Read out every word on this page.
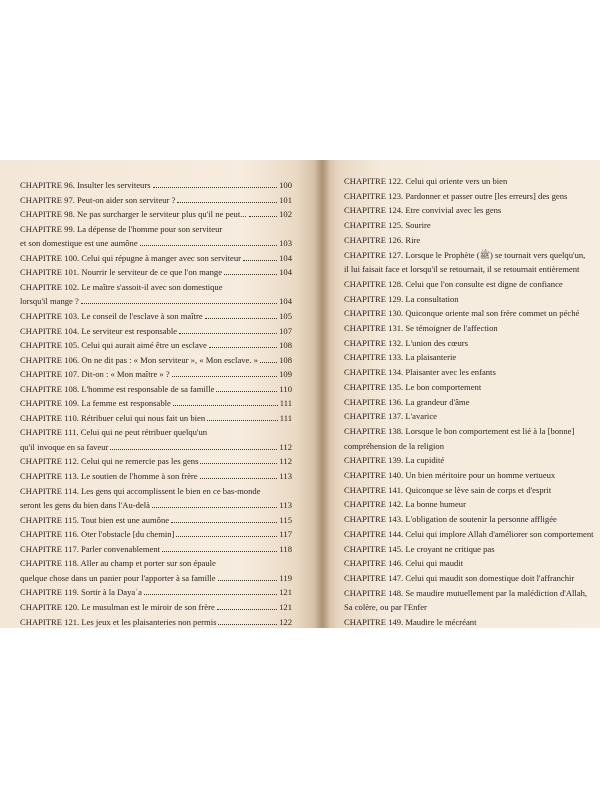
CHAPITRE 96. Insulter les serviteurs	100
CHAPITRE 97. Peut-on aider son serviteur ?	101
CHAPITRE 98. Ne pas surcharger le serviteur plus qu'il ne peut...	102
CHAPITRE 99. La dépense de l'homme pour son serviteur
et son domestique est une aumône	103
CHAPITRE 100. Celui qui répugne à manger avec son serviteur	104
CHAPITRE 101. Nourrir le serviteur de ce que l'on mange	104
CHAPITRE 102. Le maître s'assoit-il avec son domestique
lorsqu'il mange ?	104
CHAPITRE 103. Le conseil de l'esclave à son maître	105
CHAPITRE 104. Le serviteur est responsable	107
CHAPITRE 105. Celui qui aurait aimé être un esclave	108
CHAPITRE 106. On ne dit pas : « Mon serviteur », « Mon esclave. » 108
CHAPITRE 107. Dit-on : « Mon maître » ?	109
CHAPITRE 108. L'homme est responsable de sa famille	110
CHAPITRE 109. La femme est responsable	111
CHAPITRE 110. Rétribuer celui qui nous fait un bien	111
CHAPITRE 111. Celui qui ne peut rétribuer quelqu'un
qu'il invoque en sa faveur	112
CHAPITRE 112. Celui qui ne remercie pas les gens	112
CHAPITRE 113. Le soutien de l'homme à son frère	113
CHAPITRE 114. Les gens qui accomplissent le bien en ce bas-monde
seront les gens du bien dans l'Au-delà	113
CHAPITRE 115. Tout bien est une aumône	115
CHAPITRE 116. Oter l'obstacle [du chemin]	117
CHAPITRE 117. Parler convenablement	118
CHAPITRE 118. Aller au champ et porter sur son épaule
quelque chose dans un panier pour l'apporter à sa famille	119
CHAPITRE 119. Sortir à la Dayaʿa	121
CHAPITRE 120. Le musulman est le miroir de son frère	121
CHAPITRE 121. Les jeux et les plaisanteries non permis	122
CHAPITRE 122. Celui qui oriente vers un bien
CHAPITRE 123. Pardonner et passer outre [les erreurs] des gens
CHAPITRE 124. Etre convivial avec les gens
CHAPITRE 125. Sourire
CHAPITRE 126. Rire
CHAPITRE 127. Lorsque le Prophète (ﷺ) se tournait vers quelqu'un,
il lui faisait face et lorsqu'il se retournait, il se retournait entièrement
CHAPITRE 128. Celui que l'on consulte est digne de confiance
CHAPITRE 129. La consultation
CHAPITRE 130. Quiconque oriente mal son frère commet un péché
CHAPITRE 131. Se témoigner de l'affection
CHAPITRE 132. L'union des cœurs
CHAPITRE 133. La plaisanterie
CHAPITRE 134. Plaisanter avec les enfants
CHAPITRE 135. Le bon comportement
CHAPITRE 136. La grandeur d'âme
CHAPITRE 137. L'avarice
CHAPITRE 138. Lorsque le bon comportement est lié à la [bonne]
compréhension de la religion
CHAPITRE 139. La cupidité
CHAPITRE 140. Un bien méritoire pour un homme vertueux
CHAPITRE 141. Quiconque se lève sain de corps et d'esprit
CHAPITRE 142. La bonne humeur
CHAPITRE 143. L'obligation de soutenir la personne affligée
CHAPITRE 144. Celui qui implore Allah d'améliorer son comportement
CHAPITRE 145. Le croyant ne critique pas
CHAPITRE 146. Celui qui maudit
CHAPITRE 147. Celui qui maudit son domestique doit l'affranchir
CHAPITRE 148. Se maudire mutuellement par la malédiction d'Allah,
Sa colère, ou par l'Enfer
CHAPITRE 149. Maudire le mécréant
